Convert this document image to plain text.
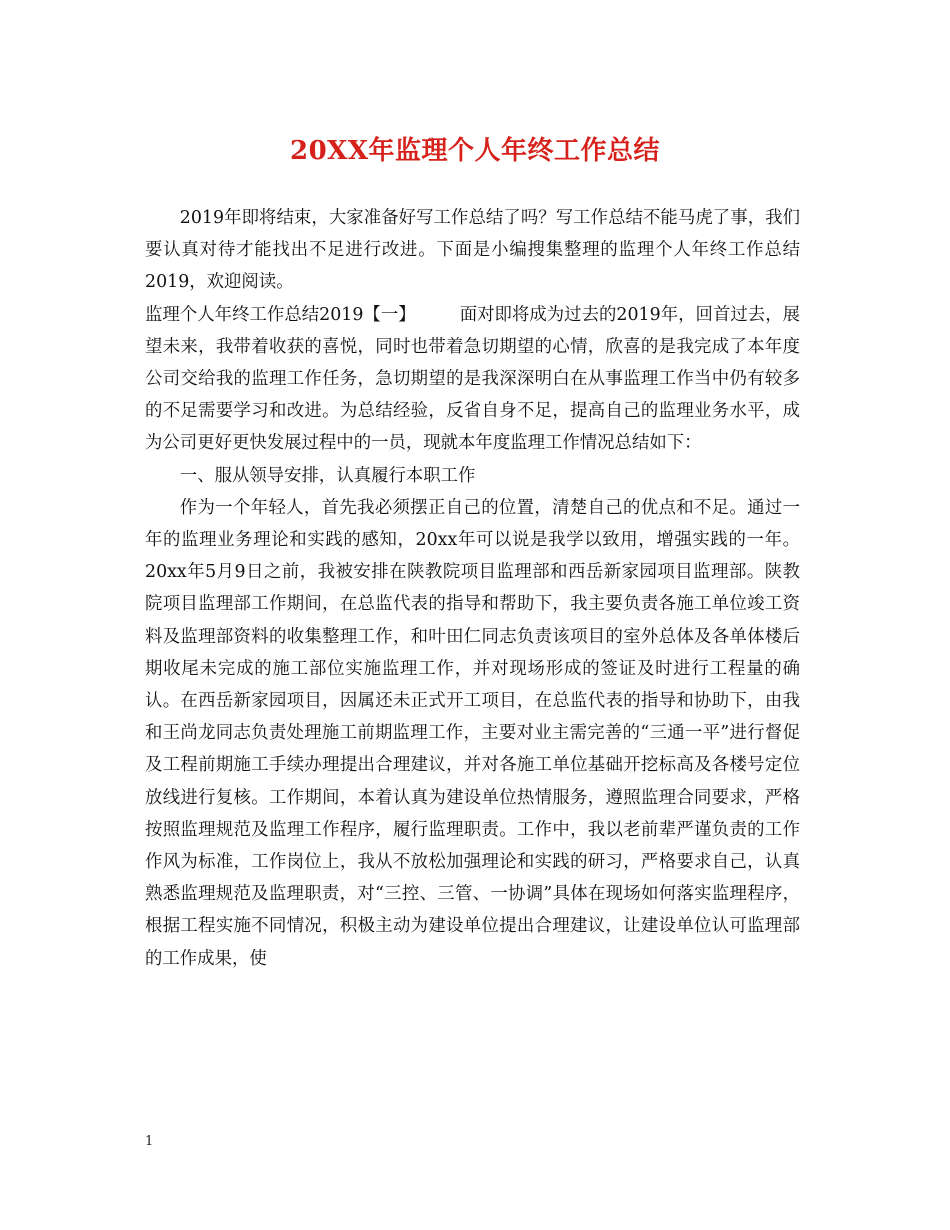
20XX年监理个人年终工作总结

2019年即将结束，大家准备好写工作总结了吗？写工作总结不能马虎了事，我们要认真对待才能找出不足进行改进。下面是小编搜集整理的监理个人年终工作总结2019，欢迎阅读。

监理个人年终工作总结2019【一】	面对即将成为过去的2019年，回首过去，展望未来，我带着收获的喜悦，同时也带着急切期望的心情，欣喜的是我完成了本年度公司交给我的监理工作任务，急切期望的是我深深明白在从事监理工作当中仍有较多的不足需要学习和改进。为总结经验，反省自身不足，提高自己的监理业务水平，成为公司更好更快发展过程中的一员，现就本年度监理工作情况总结如下：

一、服从领导安排，认真履行本职工作

作为一个年轻人，首先我必须摆正自己的位置，清楚自己的优点和不足。通过一年的监理业务理论和实践的感知，20xx年可以说是我学以致用，增强实践的一年。20xx年5月9日之前，我被安排在陕教院项目监理部和西岳新家园项目监理部。陕教院项目监理部工作期间，在总监代表的指导和帮助下，我主要负责各施工单位竣工资料及监理部资料的收集整理工作，和叶田仁同志负责该项目的室外总体及各单体楼后期收尾未完成的施工部位实施监理工作，并对现场形成的签证及时进行工程量的确认。在西岳新家园项目，因属还未正式开工项目，在总监代表的指导和协助下，由我和王尚龙同志负责处理施工前期监理工作，主要对业主需完善的“三通一平”进行督促及工程前期施工手续办理提出合理建议，并对各施工单位基础开挖标高及各楼号定位放线进行复核。工作期间，本着认真为建设单位热情服务，遵照监理合同要求，严格按照监理规范及监理工作程序，履行监理职责。工作中，我以老前辈严谨负责的工作作风为标准，工作岗位上，我从不放松加强理论和实践的研习，严格要求自己，认真熟悉监理规范及监理职责，对“三控、三管、一协调”具体在现场如何落实监理程序，根据工程实施不同情况，积极主动为建设单位提出合理建议，让建设单位认可监理部的工作成果，使

1
